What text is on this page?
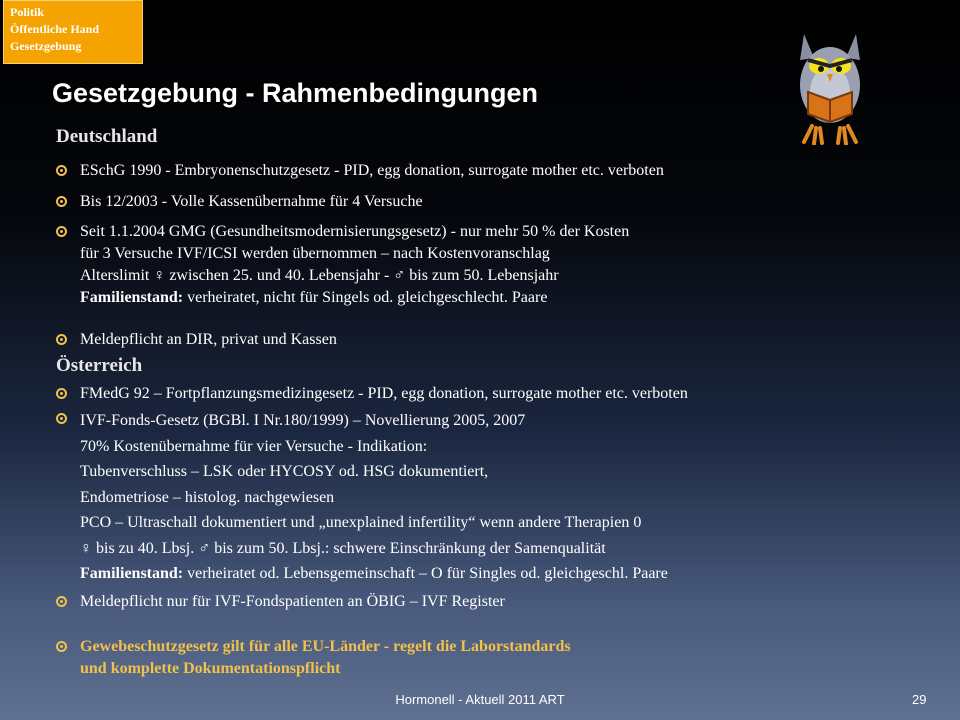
Politik
Öffentliche Hand
Gesetzgebung
Gesetzgebung - Rahmenbedingungen
Deutschland
ESchG 1990 - Embryonenschutzgesetz - PID, egg donation, surrogate mother etc. verboten
Bis 12/2003 - Volle Kassenübernahme für 4 Versuche
Seit 1.1.2004 GMG (Gesundheitsmodernisierungsgesetz) - nur mehr 50 % der Kosten
für 3 Versuche IVF/ICSI werden übernommen – nach Kostenvoranschlag
Alterslimit ♀ zwischen 25. und 40. Lebensjahr - ♂ bis zum 50. Lebensjahr
Familienstand: verheiratet, nicht für Singels od. gleichgeschlecht. Paare
Meldepflicht an DIR, privat und Kassen
Österreich
FMedG 92 – Fortpflanzungsmedizingesetz - PID, egg donation, surrogate mother etc. verboten
IVF-Fonds-Gesetz (BGBl. I Nr.180/1999) – Novellierung 2005, 2007
70% Kostenübernahme für vier Versuche - Indikation:
Tubenverschluss – LSK oder HYCOSY od. HSG dokumentiert,
Endometriose – histolog. nachgewiesen
PCO – Ultraschall dokumentiert und „unexplained infertility“ wenn andere Therapien 0
♀ bis zu 40. Lbsj. ♂ bis zum 50. Lbsj.: schwere Einschränkung der Samenqualität
Familienstand: verheiratet od. Lebensgemeinschaft – O für Singles od. gleichgeschl. Paare
Meldepflicht nur für IVF-Fondspatienten an ÖBIG – IVF Register
Gewebeschutzgesetz gilt für alle EU-Länder - regelt die Laborstandards
und komplette Dokumentationspflicht
Hormonell - Aktuell 2011 ART	29
